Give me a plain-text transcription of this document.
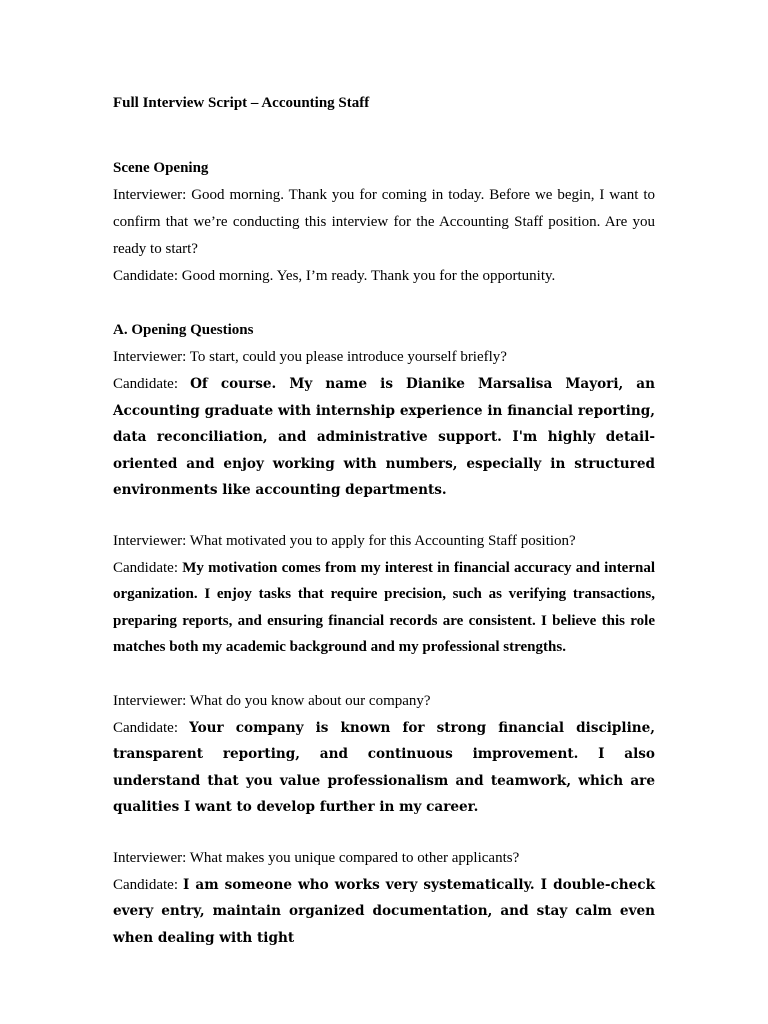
Full Interview Script – Accounting Staff

Scene Opening

Interviewer: Good morning. Thank you for coming in today. Before we begin, I want to confirm that we’re conducting this interview for the Accounting Staff position. Are you ready to start?

Candidate: Good morning. Yes, I’m ready. Thank you for the opportunity.

A. Opening Questions

Interviewer: To start, could you please introduce yourself briefly?

Candidate: Of course. My name is Dianike Marsalisa Mayori, an Accounting graduate with internship experience in financial reporting, data reconciliation, and administrative support. I'm highly detail-oriented and enjoy working with numbers, especially in structured environments like accounting departments.

Interviewer: What motivated you to apply for this Accounting Staff position?

Candidate: My motivation comes from my interest in financial accuracy and internal organization. I enjoy tasks that require precision, such as verifying transactions, preparing reports, and ensuring financial records are consistent. I believe this role matches both my academic background and my professional strengths.

Interviewer: What do you know about our company?

Candidate: Your company is known for strong financial discipline, transparent reporting, and continuous improvement. I also understand that you value professionalism and teamwork, which are qualities I want to develop further in my career.

Interviewer: What makes you unique compared to other applicants?

Candidate: I am someone who works very systematically. I double-check every entry, maintain organized documentation, and stay calm even when dealing with tight
